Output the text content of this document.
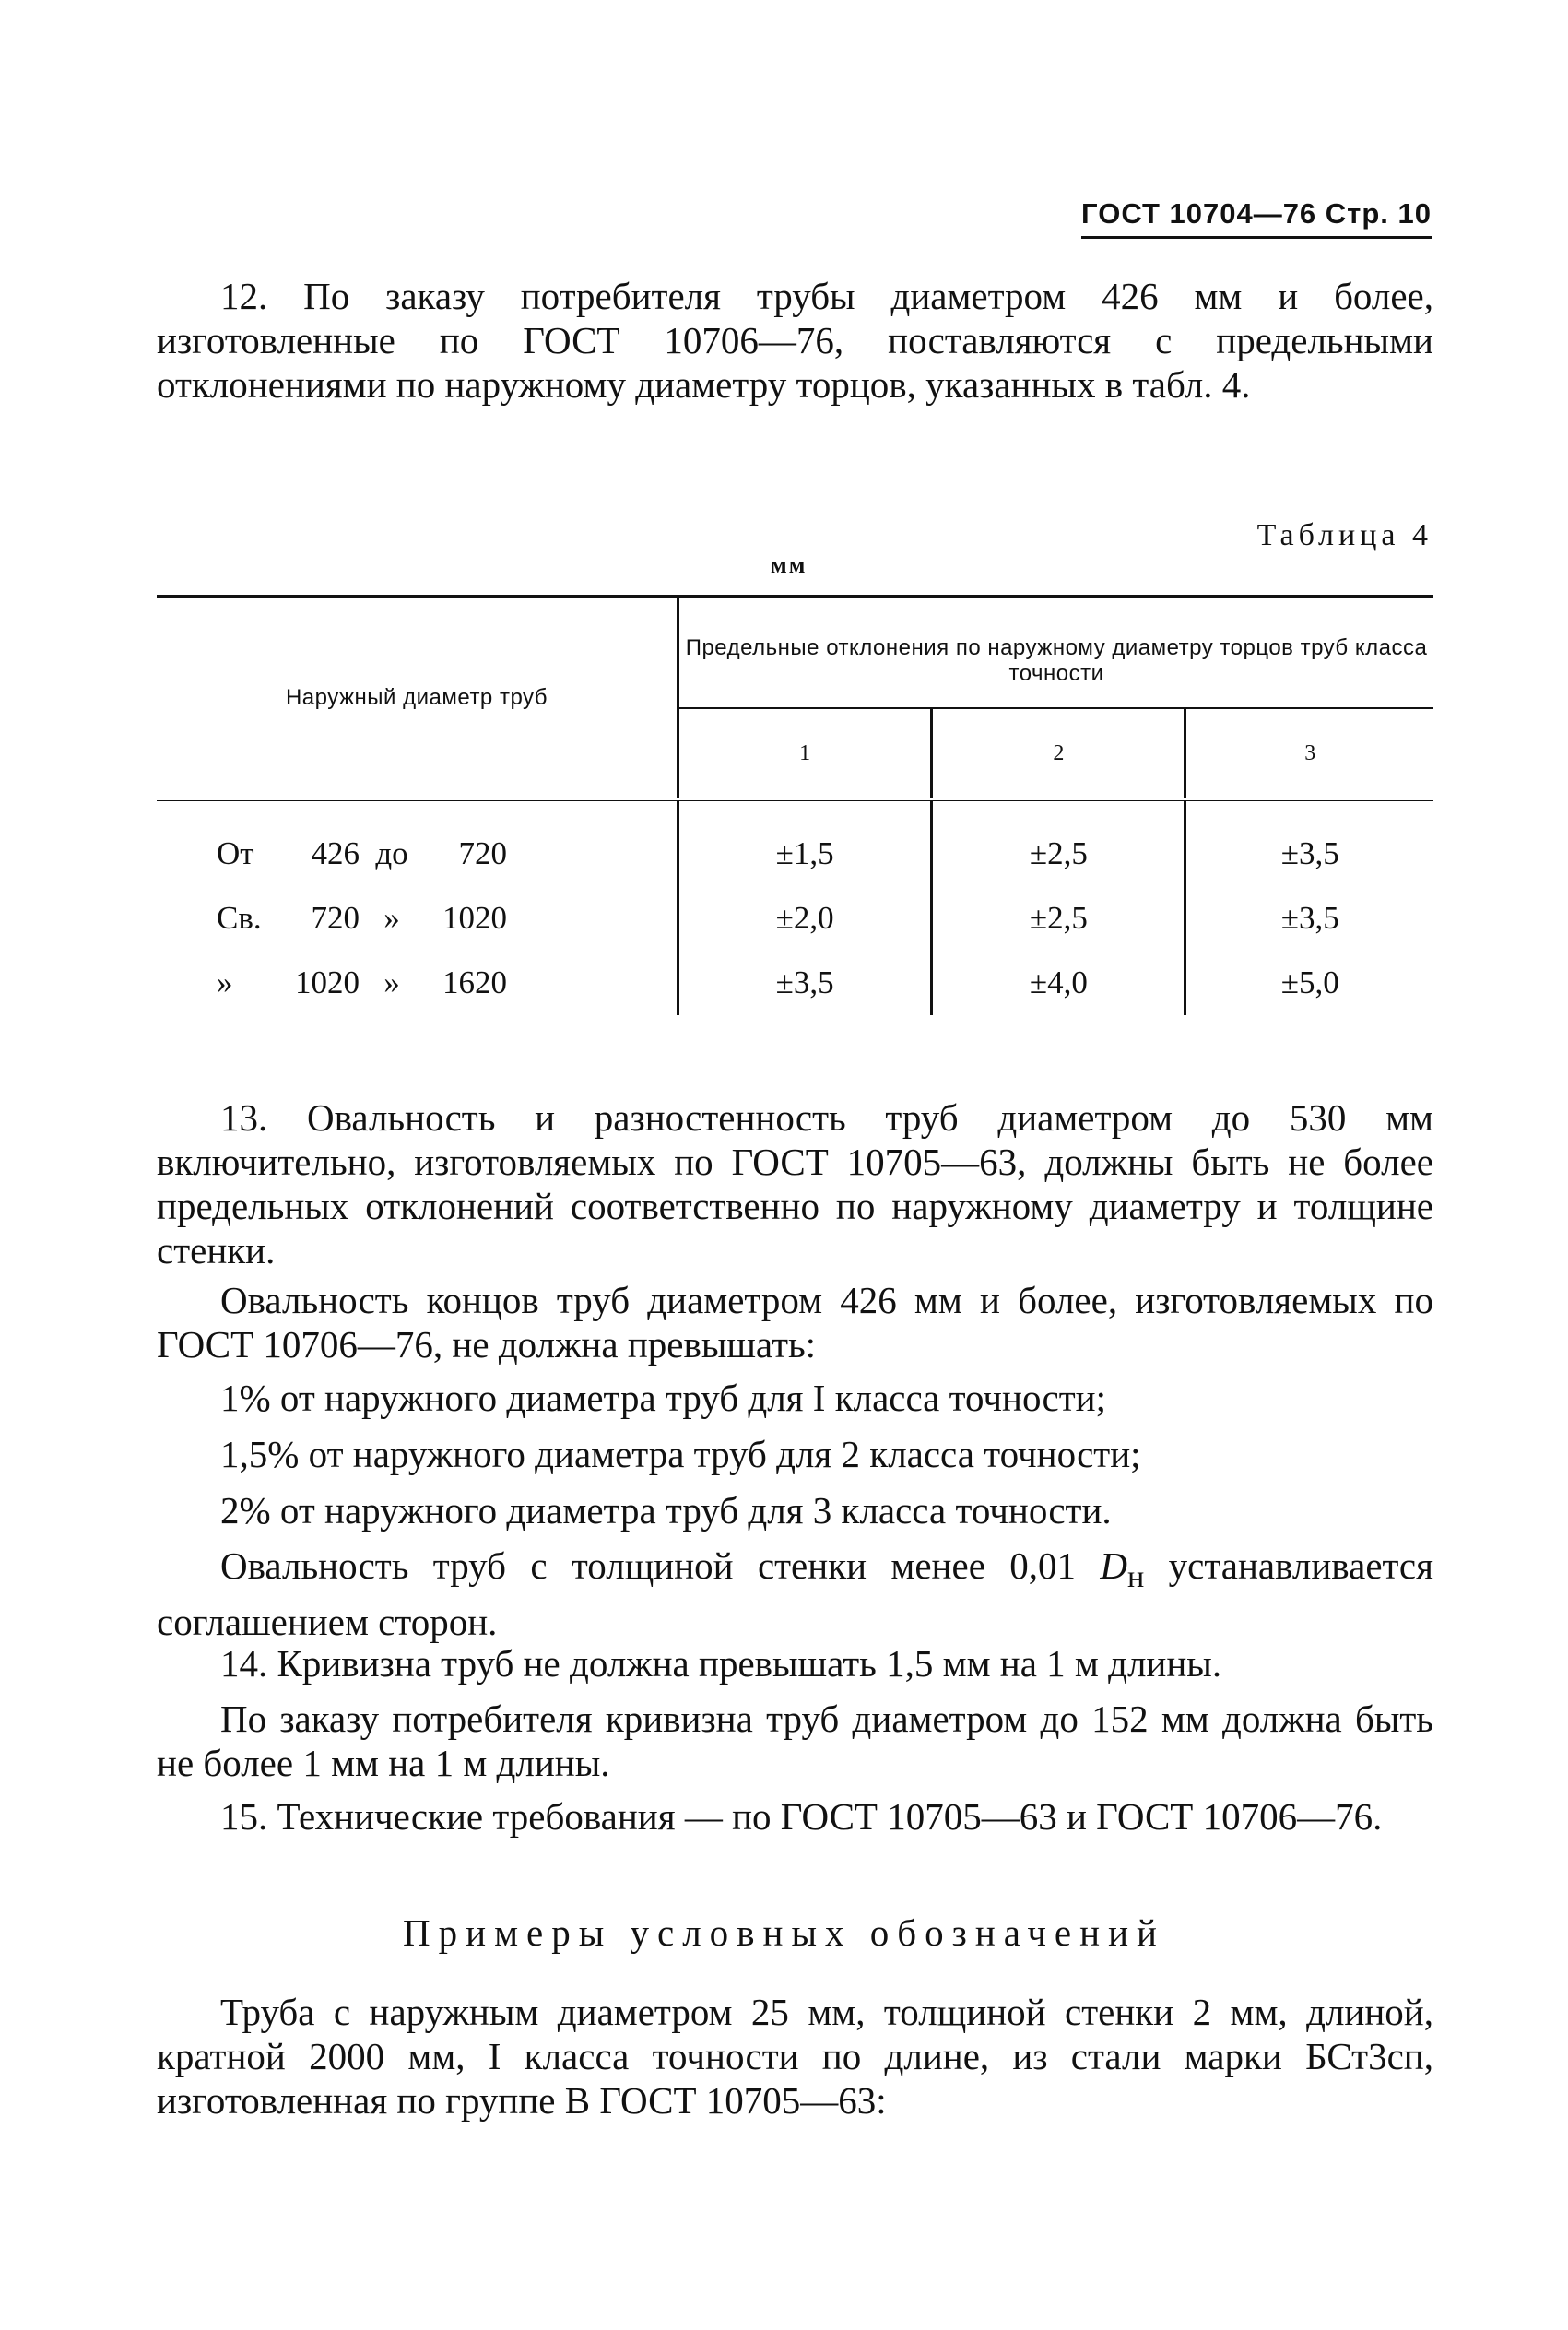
ГОСТ 10704—76 Стр. 10

12. По заказу потребителя трубы диаметром 426 мм и более, изготовленные по ГОСТ 10706—76, поставляются с предельными отклонениями по наружному диаметру торцов, указанных в табл. 4.

Таблица 4
мм
Наружный диаметр труб	Предельные отклонения по наружному диаметру торцов труб класса точности		
	1	2	3

От 426 до 720	±1,5	±2,5	±3,5

Св. 720 » 1020	±2,0	±2,5	±3,5

» 1020 » 1620	±3,5	±4,0	±5,0

13. Овальность и разностенность труб диаметром до 530 мм включительно, изготовляемых по ГОСТ 10705—63, должны быть не более предельных отклонений соответственно по наружному диаметру и толщине стенки.

Овальность концов труб диаметром 426 мм и более, изготовляемых по ГОСТ 10706—76, не должна превышать:

1% от наружного диаметра труб для I класса точности;

1,5% от наружного диаметра труб для 2 класса точности;

2% от наружного диаметра труб для 3 класса точности.

Овальность труб с толщиной стенки менее 0,01 $D_н$ устанавливается соглашением сторон.

14. Кривизна труб не должна превышать 1,5 мм на 1 м длины.

По заказу потребителя кривизна труб диаметром до 152 мм должна быть не более 1 мм на 1 м длины.

15. Технические требования — по ГОСТ 10705—63 и ГОСТ 10706—76.

Примеры условных обозначений

Труба с наружным диаметром 25 мм, толщиной стенки 2 мм, длиной, кратной 2000 мм, I класса точности по длине, из стали марки БСт3сп, изготовленная по группе В ГОСТ 10705—63:
